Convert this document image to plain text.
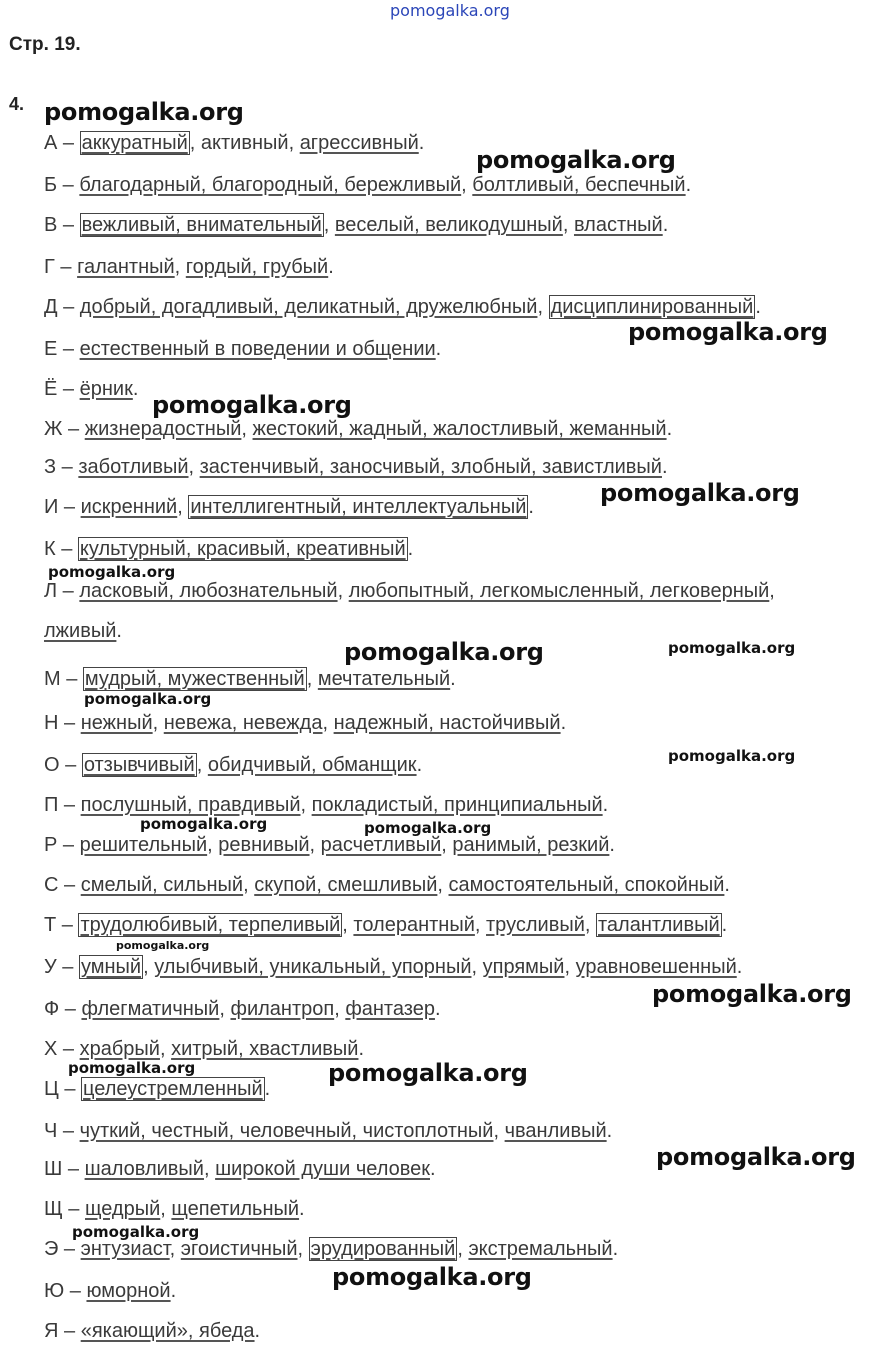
pomogalka.org
Стр. 19.
4.
А – аккуратный , активный, агрессивный.
Б – благодарный, благородный, бережливый, болтливый, беспечный.
В – вежливый, внимательный , веселый, великодушный, властный.
Г – галантный, гордый, грубый.
Д – добрый, догадливый, деликатный, дружелюбный, дисциплинированный .
Е – естественный в поведении и общении.
Ё – ёрник.
Ж – жизнерадостный, жестокий, жадный, жалостливый, жеманный.
З – заботливый, застенчивый, заносчивый, злобный, завистливый.
И – искренний, интеллигентный, интеллектуальный .
К – культурный, красивый, креативный .
Л – ласковый, любознательный, любопытный, легкомысленный, легковерный,
лживый.
М – мудрый, мужественный , мечтательный.
Н – нежный, невежа, невежда, надежный, настойчивый.
О – отзывчивый , обидчивый, обманщик.
П – послушный, правдивый, покладистый, принципиальный.
Р – решительный, ревнивый, расчетливый, ранимый, резкий.
С – смелый, сильный, скупой, смешливый, самостоятельный, спокойный.
Т – трудолюбивый, терпеливый , толерантный, трусливый, талантливый .
У – умный , улыбчивый, уникальный, упорный, упрямый, уравновешенный.
Ф – флегматичный, филантроп, фантазер.
Х – храбрый, хитрый, хвастливый.
Ц – целеустремленный .
Ч – чуткий, честный, человечный, чистоплотный, чванливый.
Ш – шаловливый, широкой души человек.
Щ – щедрый, щепетильный.
Э – энтузиаст, эгоистичный, эрудированный , экстремальный.
Ю – юморной.
Я – «якающий», ябеда.
pomogalka.org
pomogalka.org
pomogalka.org
pomogalka.org
pomogalka.org
pomogalka.org
pomogalka.org	pomogalka.org
pomogalka.org
pomogalka.org
pomogalka.org	pomogalka.org
pomogalka.org
pomogalka.org
pomogalka.org	pomogalka.org
pomogalka.org
pomogalka.org
pomogalka.org
